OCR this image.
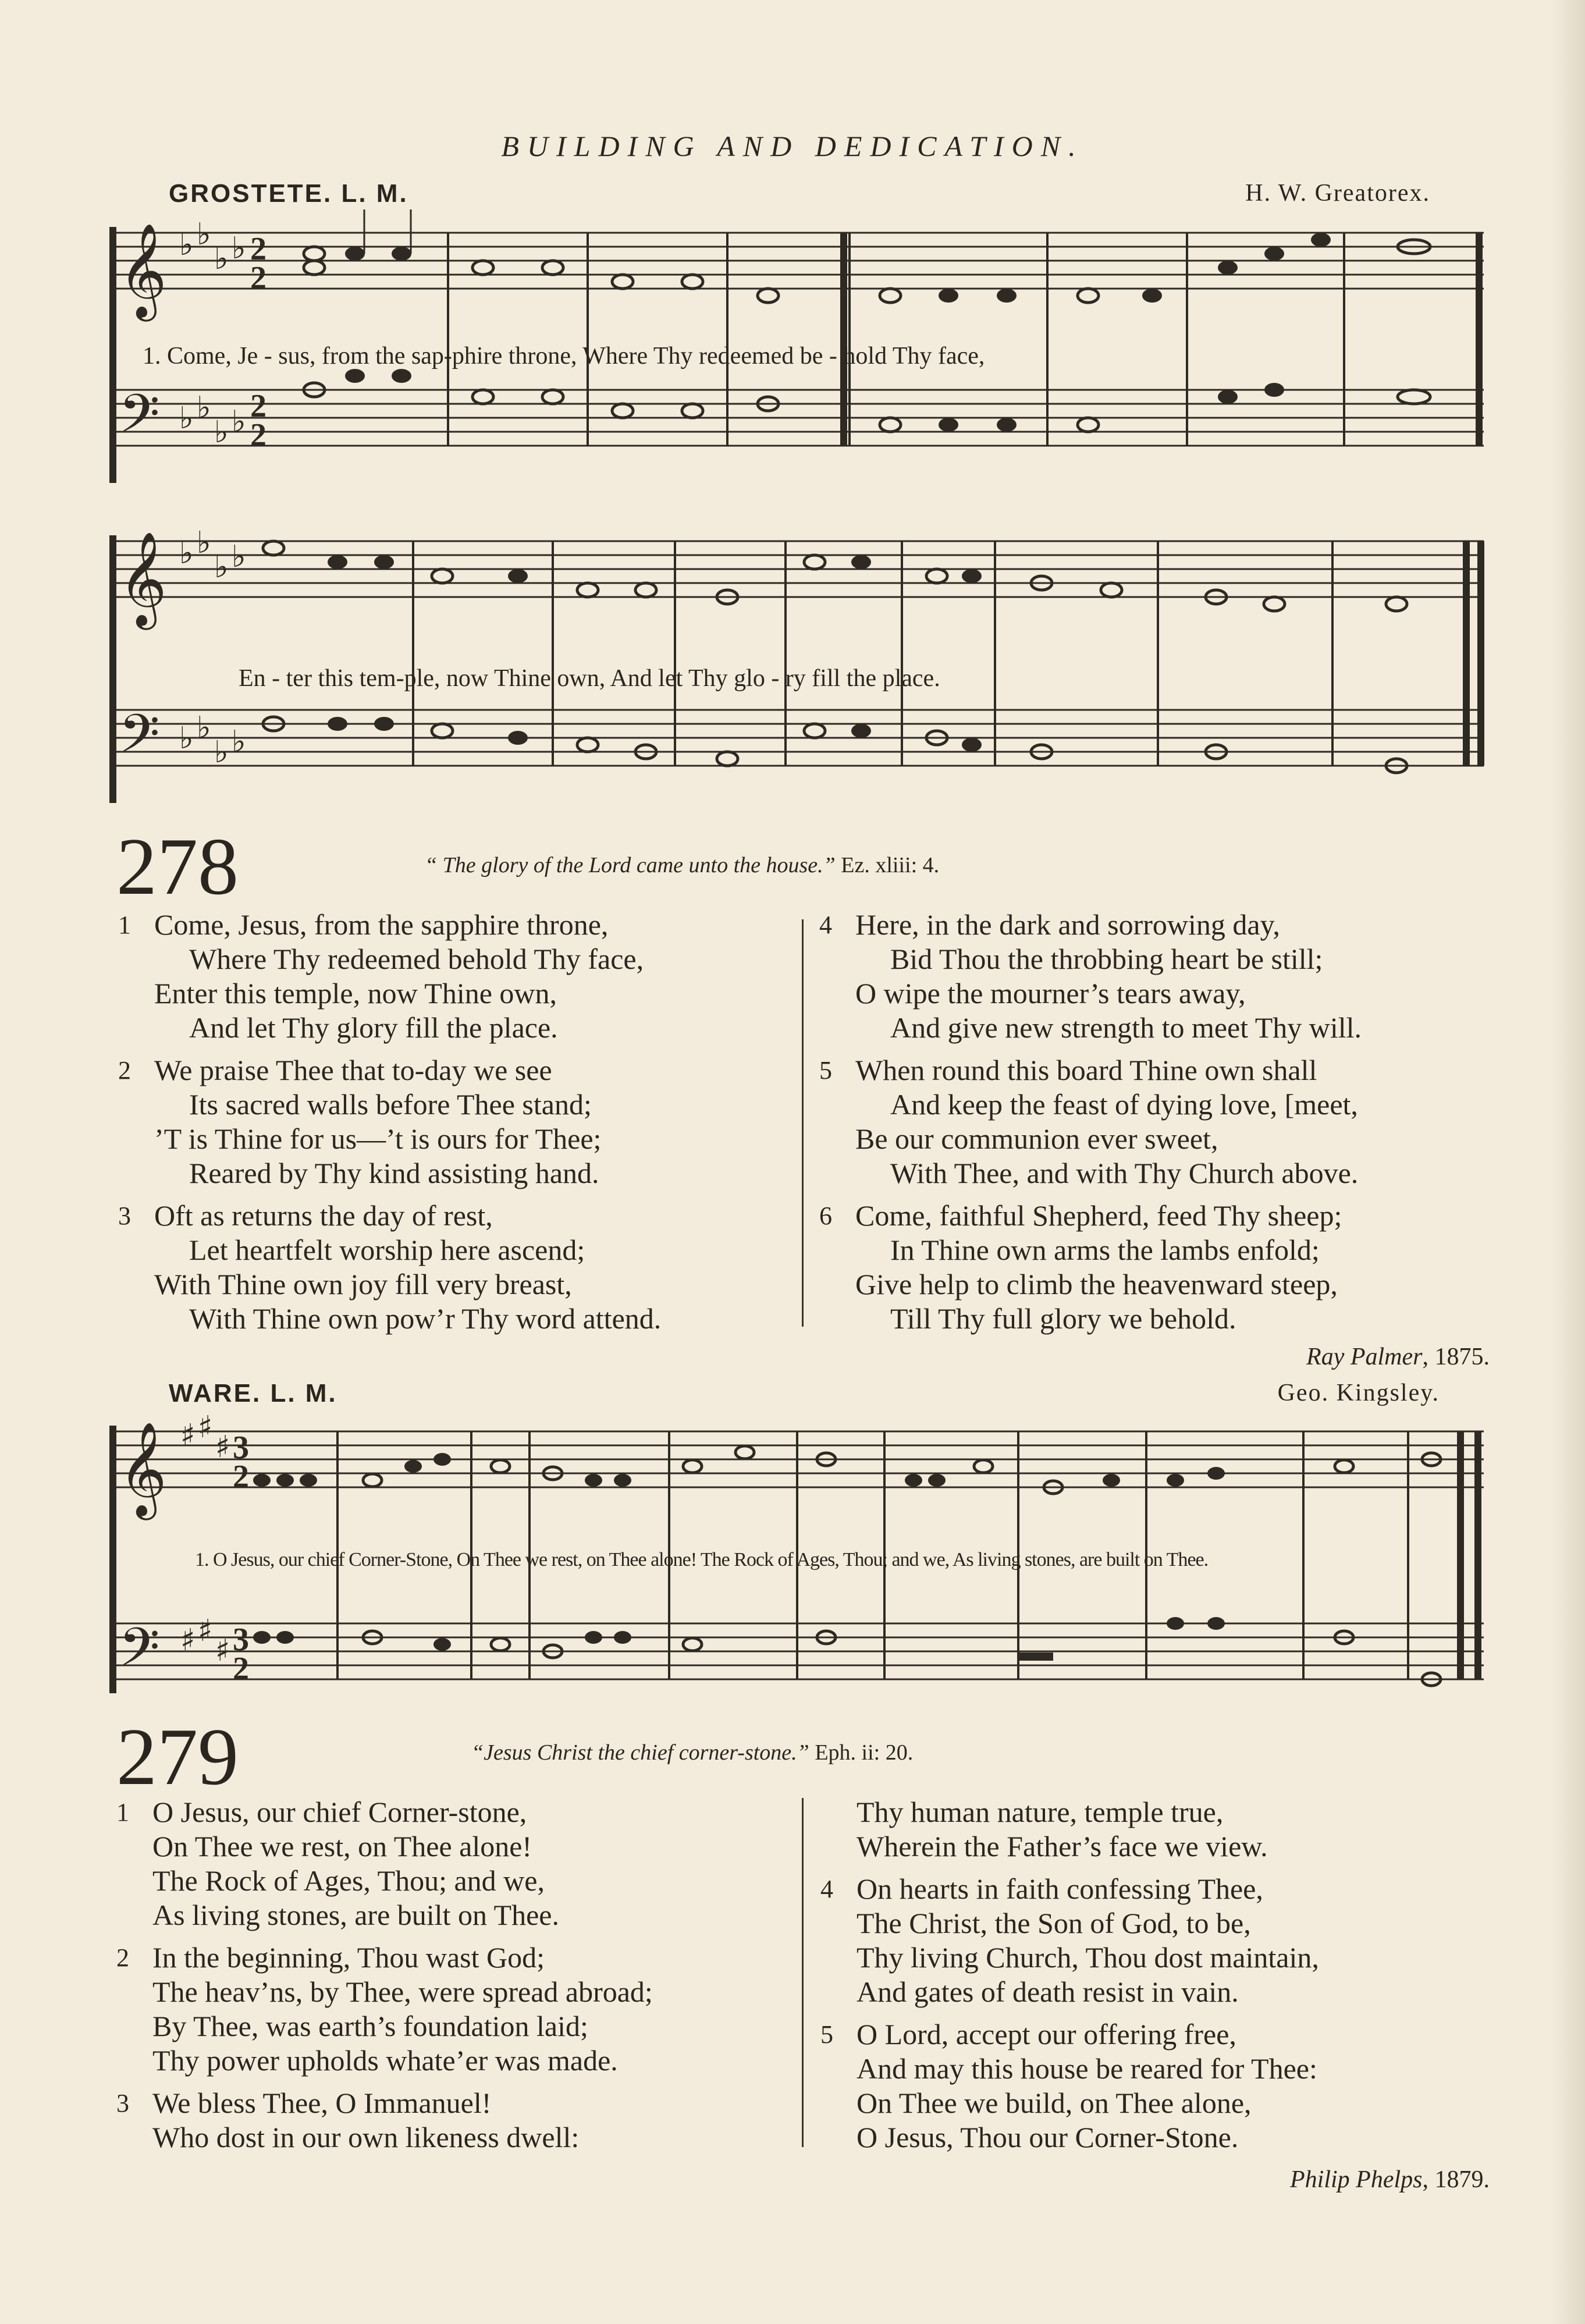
BUILDING AND DEDICATION.
GROSTETE. L. M.	H. W. Greatorex.
𝄞
𝄢
♭ ♭
♭ ♭ 2
2
♭ ♭
♭ ♭ 2
2
1. Come, Je - sus, from the sap-phire throne, Where Thy redeemed be - hold Thy face,
𝄞
𝄢
♭ ♭
♭ ♭
♭ ♭
♭ ♭
En - ter this tem-ple, now Thine own, And let Thy glo - ry fill the place.
278	“ The glory of the Lord came unto the house.” Ez. xliii: 4.
1 Come, Jesus, from the sapphire throne,
Where Thy redeemed behold Thy face,
Enter this temple, now Thine own,
And let Thy glory fill the place.
2 We praise Thee that to-day we see
Its sacred walls before Thee stand;
’T is Thine for us—’t is ours for Thee;
Reared by Thy kind assisting hand.
3 Oft as returns the day of rest,
Let heartfelt worship here ascend;
With Thine own joy fill very breast,
With Thine own pow’r Thy word attend.
4 Here, in the dark and sorrowing day,
Bid Thou the throbbing heart be still;
O wipe the mourner’s tears away,
And give new strength to meet Thy will.
5 When round this board Thine own shall
And keep the feast of dying love, [meet,
Be our communion ever sweet,
With Thee, and with Thy Church above.
6 Come, faithful Shepherd, feed Thy sheep;
In Thine own arms the lambs enfold;
Give help to climb the heavenward steep,
Till Thy full glory we behold.
Ray Palmer, 1875.
WARE. L. M.	Geo. Kingsley.
𝄞
𝄢
♯ ♯
♯ 3
2
♯ ♯
♯ 3
2
1. O Jesus, our chief Corner-Stone, On Thee we rest, on Thee alone! The Rock of Ages, Thou; and we, As living stones, are built on Thee.
279	“Jesus Christ the chief corner-stone.” Eph. ii: 20.
1 O Jesus, our chief Corner-stone,
On Thee we rest, on Thee alone!
The Rock of Ages, Thou; and we,
As living stones, are built on Thee.
2 In the beginning, Thou wast God;
The heav’ns, by Thee, were spread abroad;
By Thee, was earth’s foundation laid;
Thy power upholds whate’er was made.
3 We bless Thee, O Immanuel!
Who dost in our own likeness dwell:
Thy human nature, temple true,
Wherein the Father’s face we view.
4 On hearts in faith confessing Thee,
The Christ, the Son of God, to be,
Thy living Church, Thou dost maintain,
And gates of death resist in vain.
5 O Lord, accept our offering free,
And may this house be reared for Thee:
On Thee we build, on Thee alone,
O Jesus, Thou our Corner-Stone.
Philip Phelps, 1879.
